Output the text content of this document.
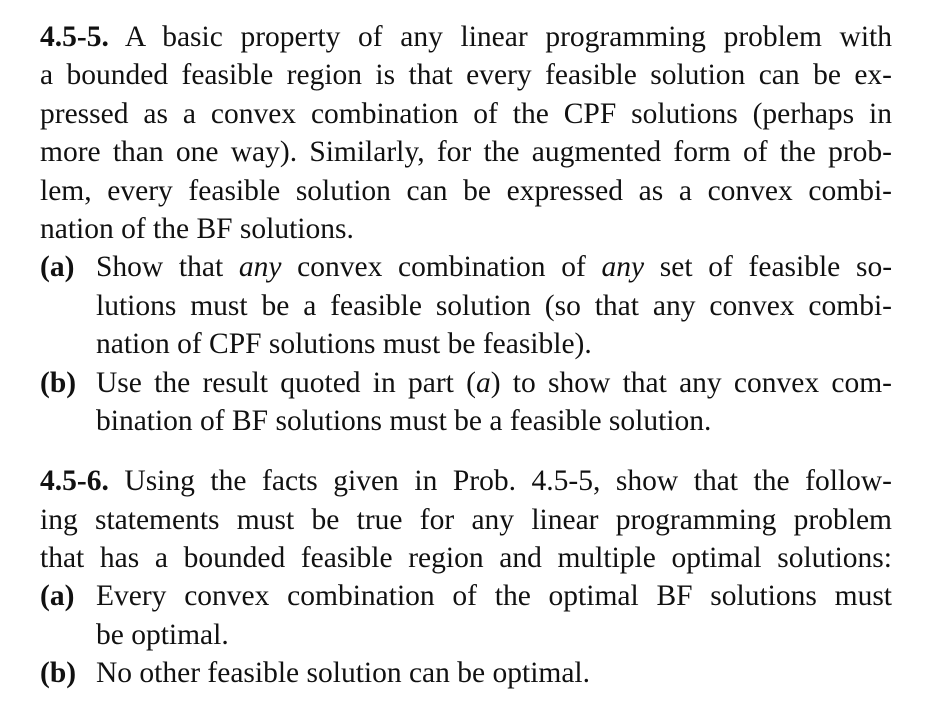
4.5-5. A basic property of any linear programming problem with
a bounded feasible region is that every feasible solution can be ex-
pressed as a convex combination of the CPF solutions (perhaps in
more than one way). Similarly, for the augmented form of the prob-
lem, every feasible solution can be expressed as a convex combi-
nation of the BF solutions.
(a) Show that any convex combination of any set of feasible so-
lutions must be a feasible solution (so that any convex combi-
nation of CPF solutions must be feasible).
(b) Use the result quoted in part (a) to show that any convex com-
bination of BF solutions must be a feasible solution.
4.5-6. Using the facts given in Prob. 4.5-5, show that the follow-
ing statements must be true for any linear programming problem
that has a bounded feasible region and multiple optimal solutions:
(a) Every convex combination of the optimal BF solutions must
be optimal.
(b) No other feasible solution can be optimal.
